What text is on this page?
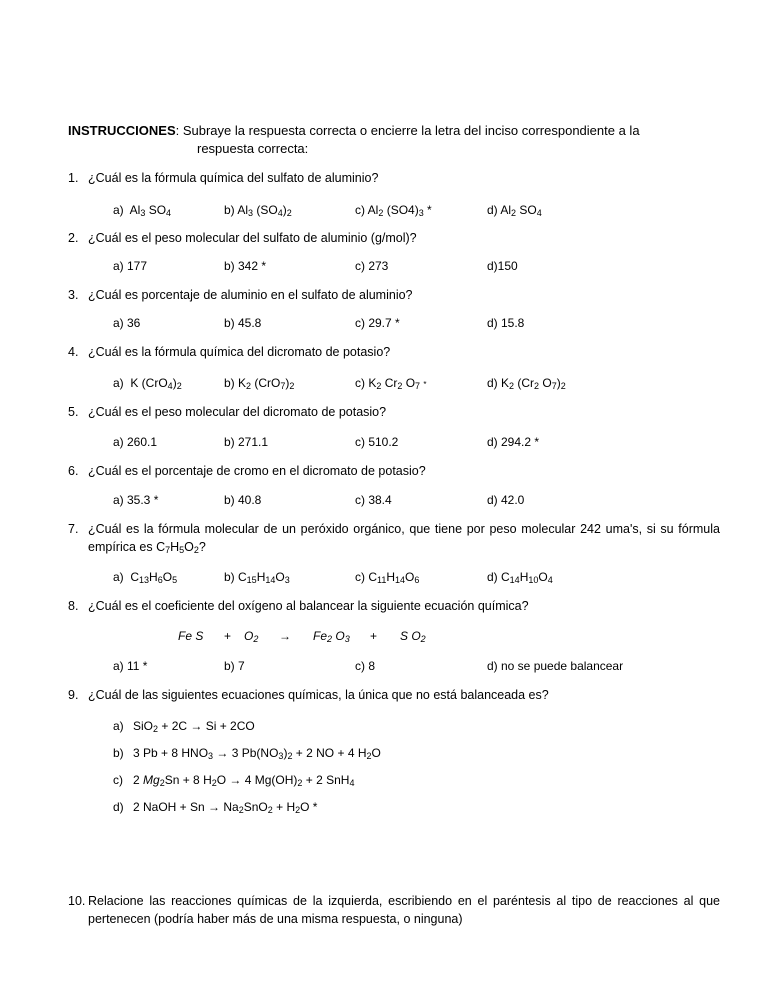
INSTRUCCIONES: Subraye la respuesta correcta o encierre la letra del inciso correspondiente a la
respuesta correcta:
1. ¿Cuál es la fórmula química del sulfato de aluminio?
a)  $Al_3$ $SO_4$	b) $Al_3$ $(SO_4)_2$	c) $Al_2$ $(SO4)_3$ *	d) $Al_2$ $SO_4$
2. ¿Cuál es el peso molecular del sulfato de aluminio (g/mol)?
a) 177	b) 342 *	c) 273	d)150
3. ¿Cuál es porcentaje de aluminio en el sulfato de aluminio?
a) 36	b) 45.8	c) 29.7 *	d) 15.8
4. ¿Cuál es la fórmula química del dicromato de potasio?
a)  K $(CrO_4)_2$	b) $K_2$ $(CrO_7)_2$	c) $K_2$ $Cr_2$ $O_7$ *	d) $K_2$ ($Cr_2$ $O_7)_2$
5. ¿Cuál es el peso molecular del dicromato de potasio?
a) 260.1	b) 271.1	c) 510.2	d) 294.2 *
6. ¿Cuál es el porcentaje de cromo en el dicromato de potasio?
a) 35.3 *	b) 40.8	c) 38.4	d) 42.0
7. ¿Cuál es la fórmula molecular de un peróxido orgánico, que tiene por peso molecular 242 uma's, si su fórmula empírica es $C_7H_5O_2$?
a)  $C_{13}H_6O_5$	b) $C_{15}H_{14}O_3$	c) $C_{11}H_{14}O_6$	d) $C_{14}H_{10}O_4$
8. ¿Cuál es el coeficiente del oxígeno al balancear la siguiente ecuación química?
Fe $S + O_2 \to Fe_2$ $O_3 + S$ $O_2$
a) 11 *	b) 7	c) 8	d) no se puede balancear
9. ¿Cuál de las siguientes ecuaciones químicas, la única que no está balanceada es?
a) SiO$_2$ + 2C → Si + 2CO
b) 3 Pb + 8 $HNO_3 \to 3$ $Pb(NO_3)_2 + 2$ NO + 4 $H_2O$
c) 2 $Mg_2Sn + 8$ $H_2O \to 4$ $Mg(OH)_2 + 2$ SnH$_4$
d) 2 NaOH + $Sn \to Na_2SnO_2 + H_2O$ *
10. Relacione las reacciones químicas de la izquierda, escribiendo en el paréntesis al tipo de reacciones al que pertenecen (podría haber más de una misma respuesta, o ninguna)
